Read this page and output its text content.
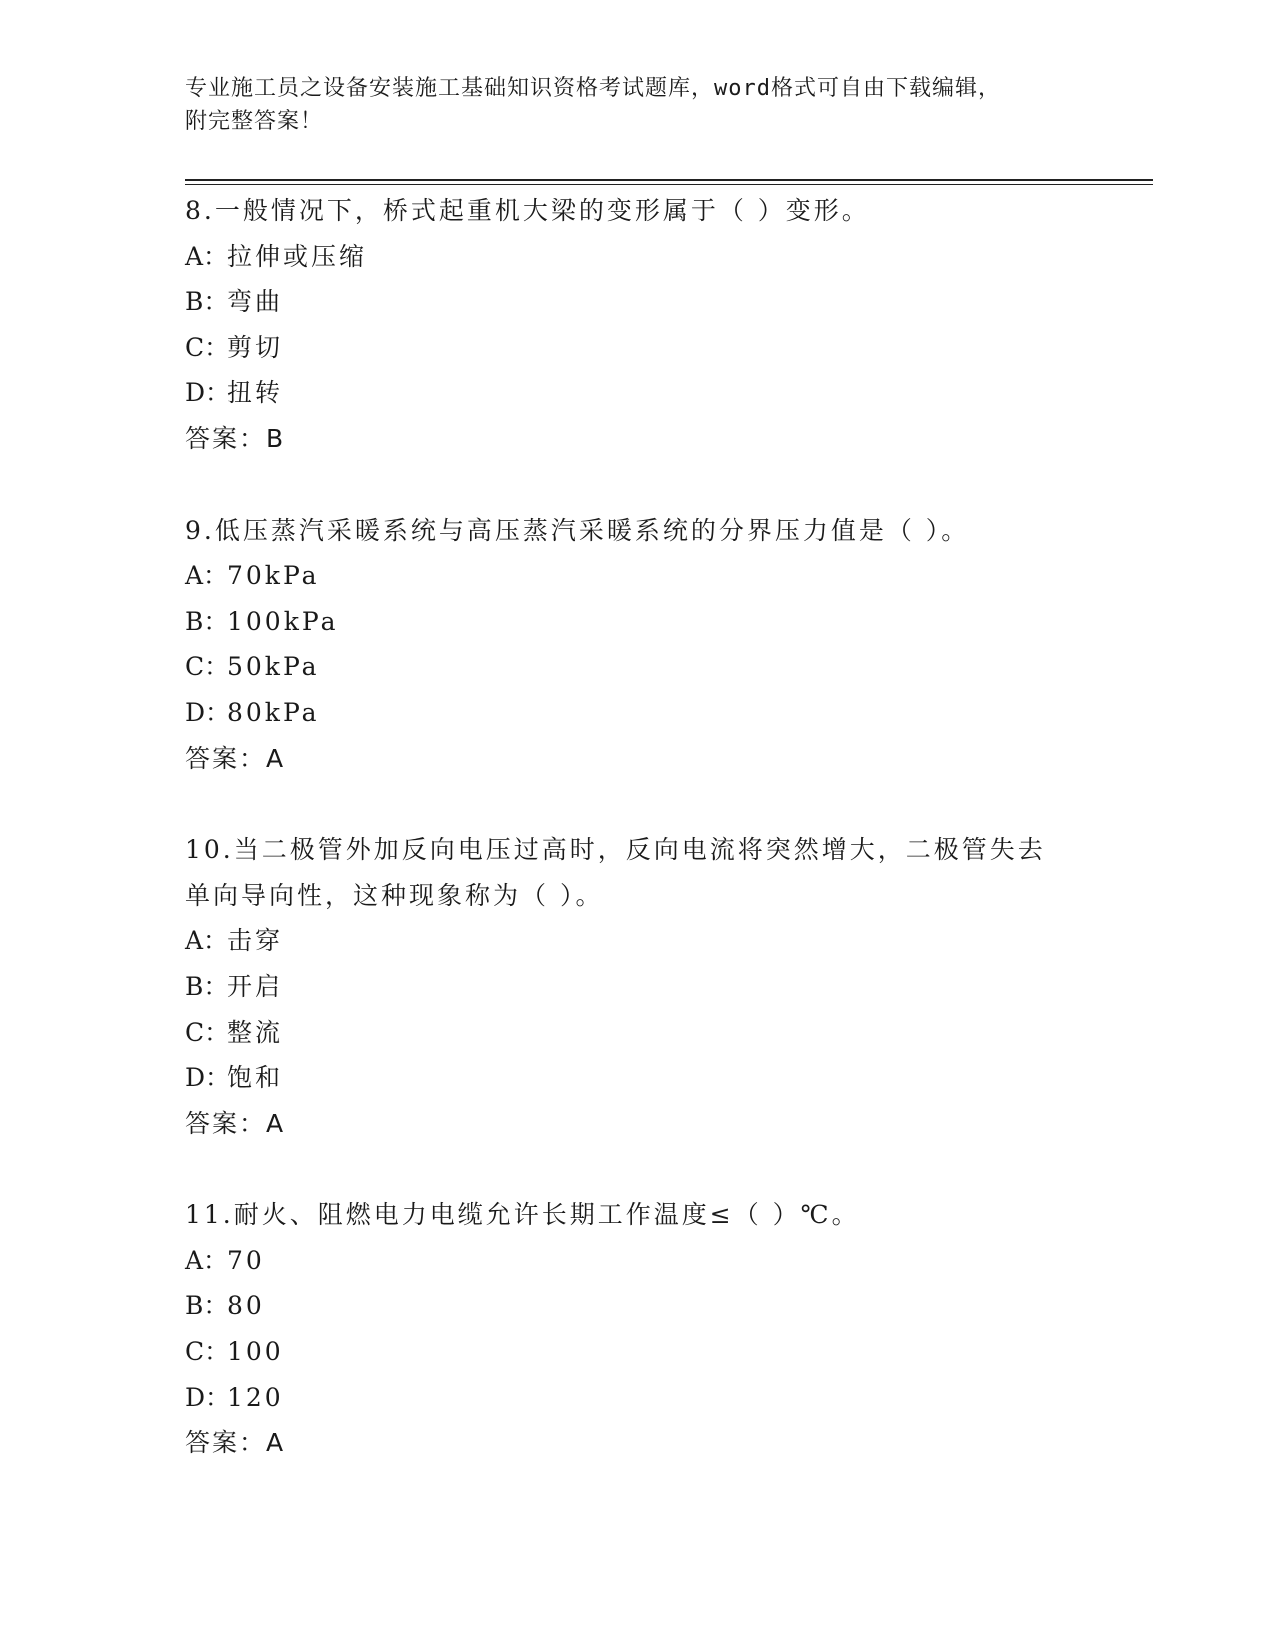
专业施工员之设备安装施工基础知识资格考试题库，word格式可自由下载编辑，
附完整答案！
8.一般情况下，桥式起重机大梁的变形属于（ ）变形。
A：拉伸或压缩
B：弯曲
C：剪切
D：扭转
答案：B
9.低压蒸汽采暖系统与高压蒸汽采暖系统的分界压力值是（ ）。
A：70kPa
B：100kPa
C：50kPa
D：80kPa
答案：A
10.当二极管外加反向电压过高时，反向电流将突然增大，二极管失去
单向导向性，这种现象称为（ ）。
A：击穿
B：开启
C：整流
D：饱和
答案：A
11.耐火、阻燃电力电缆允许长期工作温度≤（ ）℃。
A：70
B：80
C：100
D：120
答案：A
